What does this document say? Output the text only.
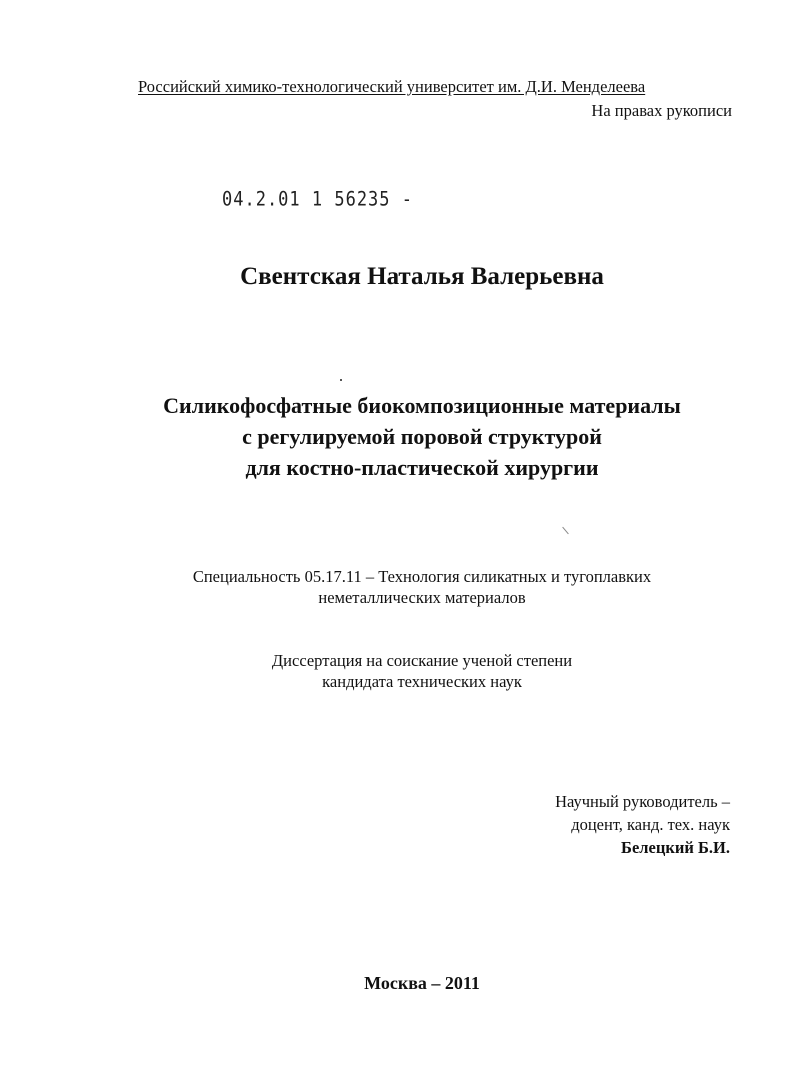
Российский химико-технологический университет им. Д.И. Менделеева
На правах рукописи
04.2.01 1 56235 -
Свентская Наталья Валерьевна
Силикофосфатные биокомпозиционные материалы
с регулируемой поровой структурой
для костно-пластической хирургии
Специальность 05.17.11 – Технология силикатных и тугоплавких
неметаллических материалов
Диссертация на соискание ученой степени
кандидата технических наук
Научный руководитель –
доцент, канд. тех. наук
Белецкий Б.И.
Москва – 2011
